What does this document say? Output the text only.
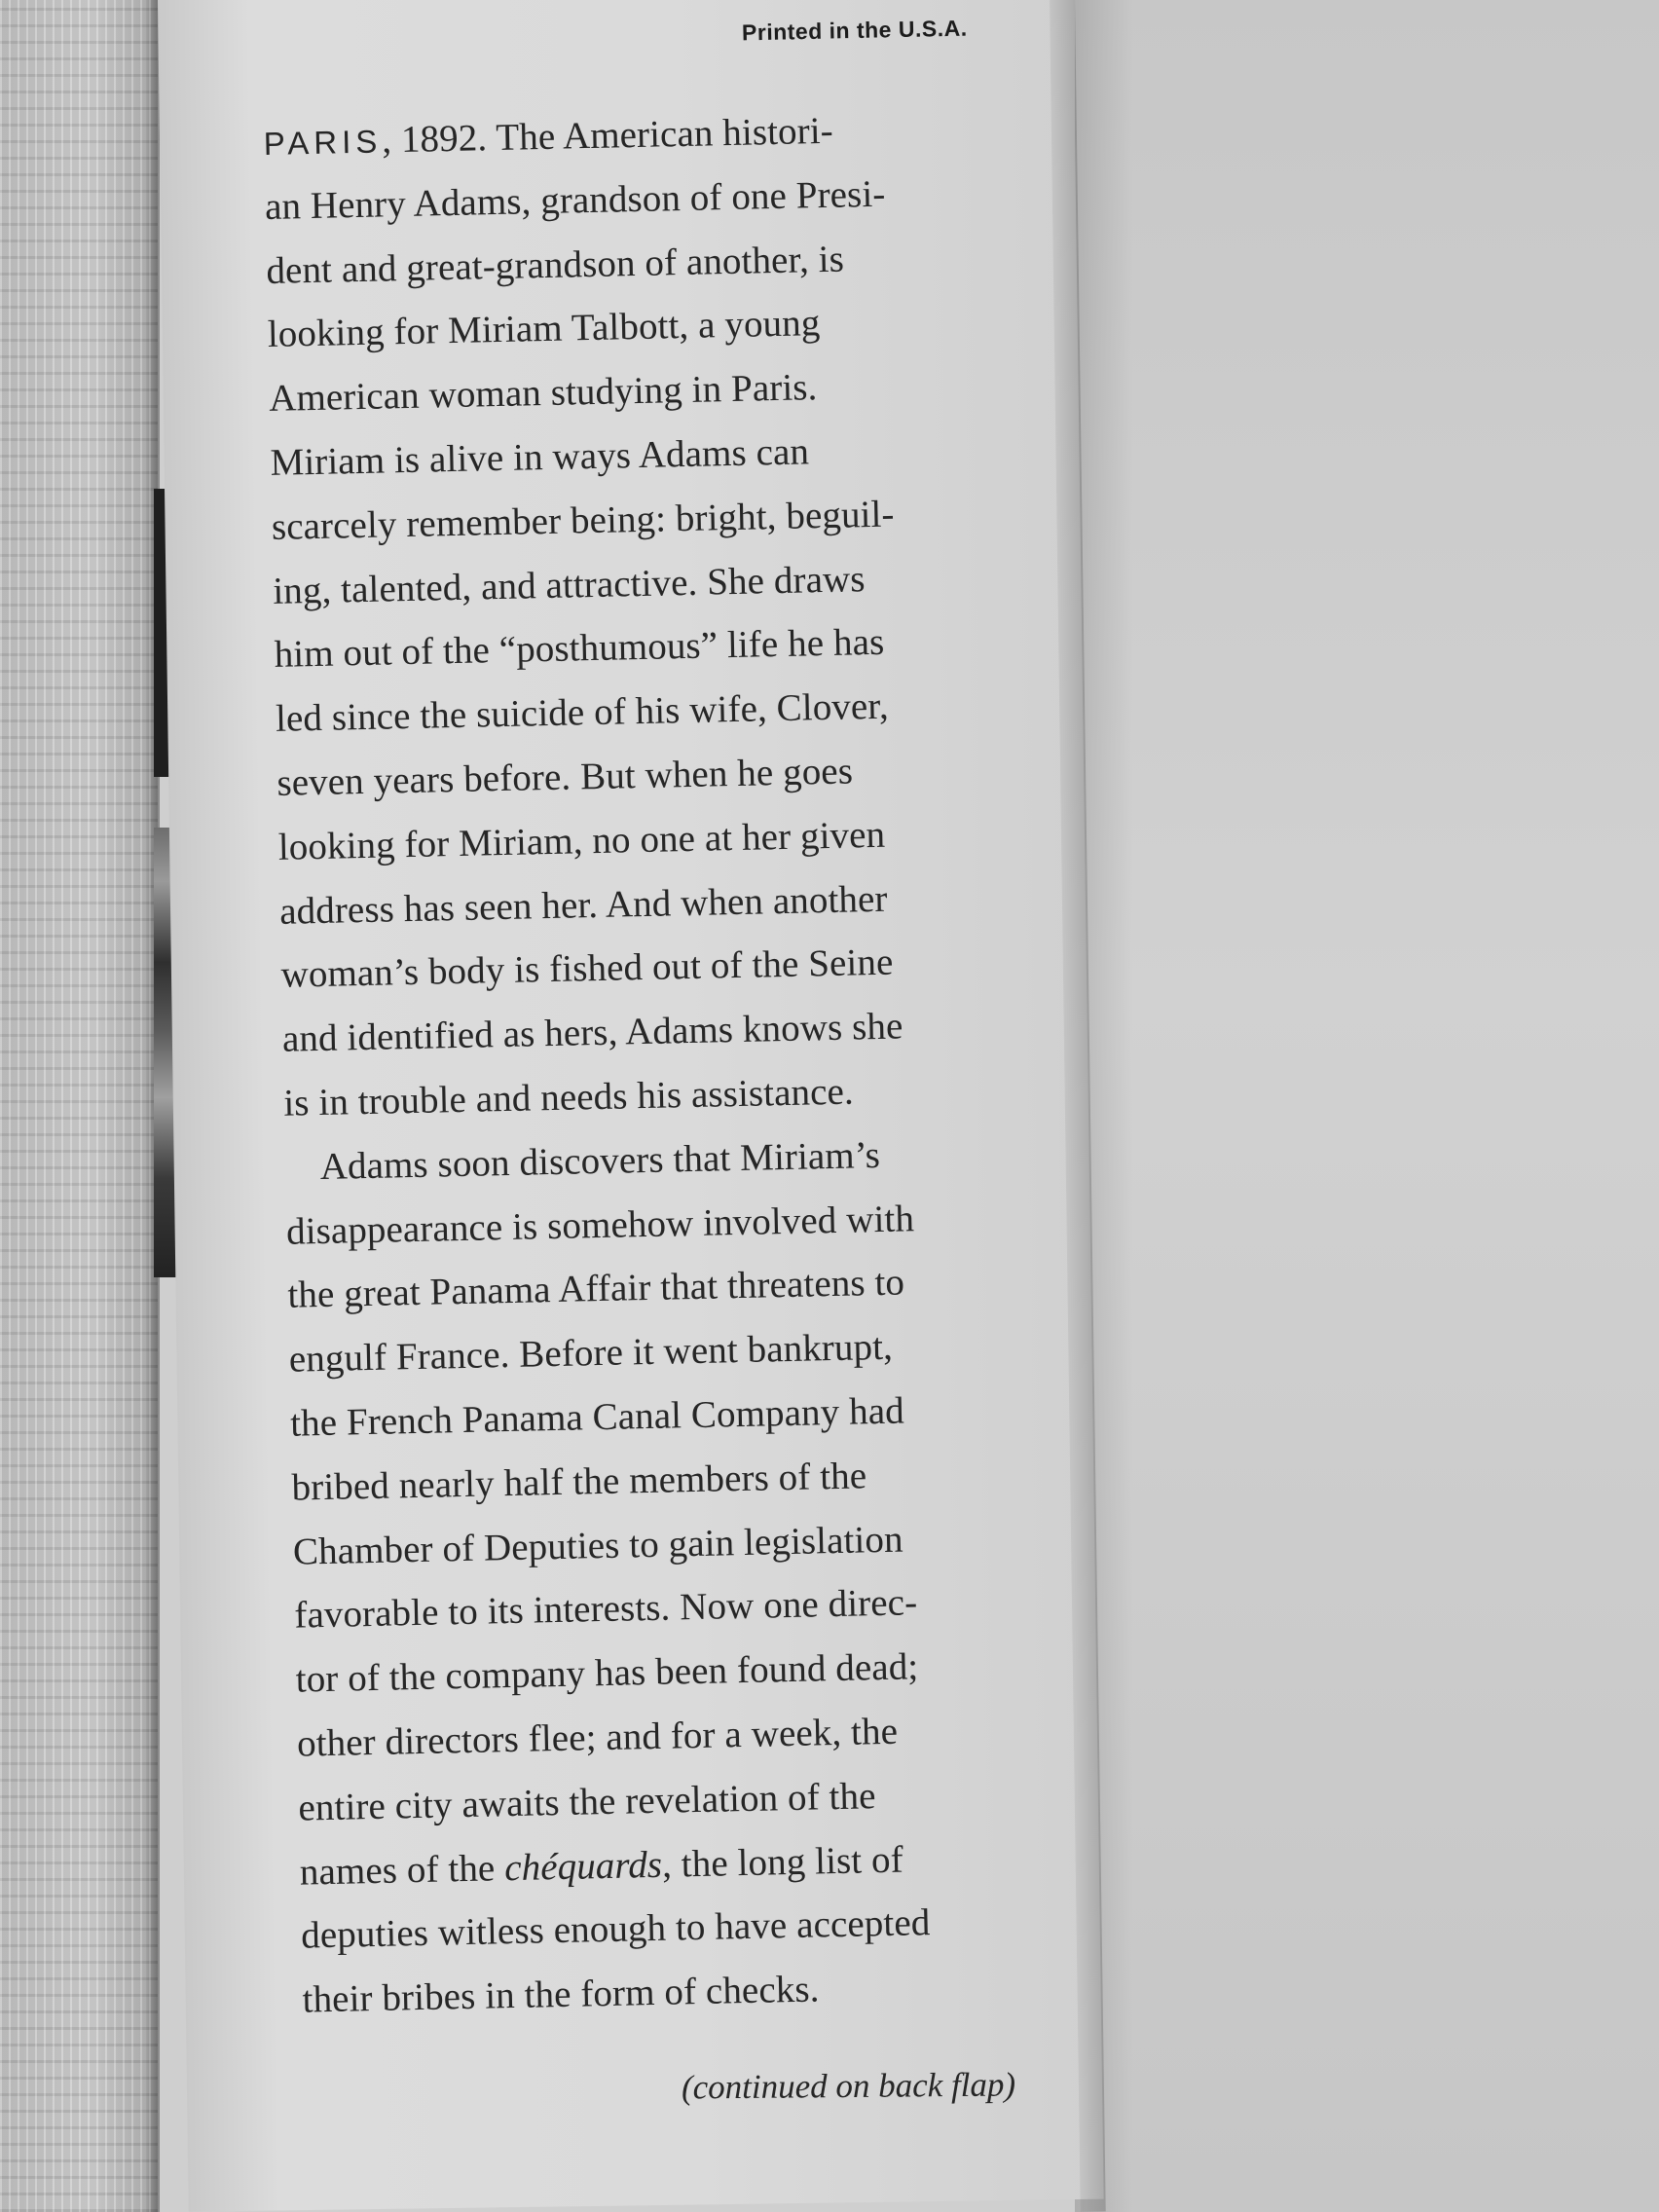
Printed in the U.S.A.
PARIS, 1892. The American histori-
an Henry Adams, grandson of one Presi-
dent and great-grandson of another, is
looking for Miriam Talbott, a young
American woman studying in Paris.
Miriam is alive in ways Adams can
scarcely remember being: bright, beguil-
ing, talented, and attractive. She draws
him out of the “posthumous” life he has
led since the suicide of his wife, Clover,
seven years before. But when he goes
looking for Miriam, no one at her given
address has seen her. And when another
woman’s body is fished out of the Seine
and identified as hers, Adams knows she
is in trouble and needs his assistance.
Adams soon discovers that Miriam’s
disappearance is somehow involved with
the great Panama Affair that threatens to
engulf France. Before it went bankrupt,
the French Panama Canal Company had
bribed nearly half the members of the
Chamber of Deputies to gain legislation
favorable to its interests. Now one direc-
tor of the company has been found dead;
other directors flee; and for a week, the
entire city awaits the revelation of the
names of the chéquards, the long list of
deputies witless enough to have accepted
their bribes in the form of checks.
(continued on back flap)
